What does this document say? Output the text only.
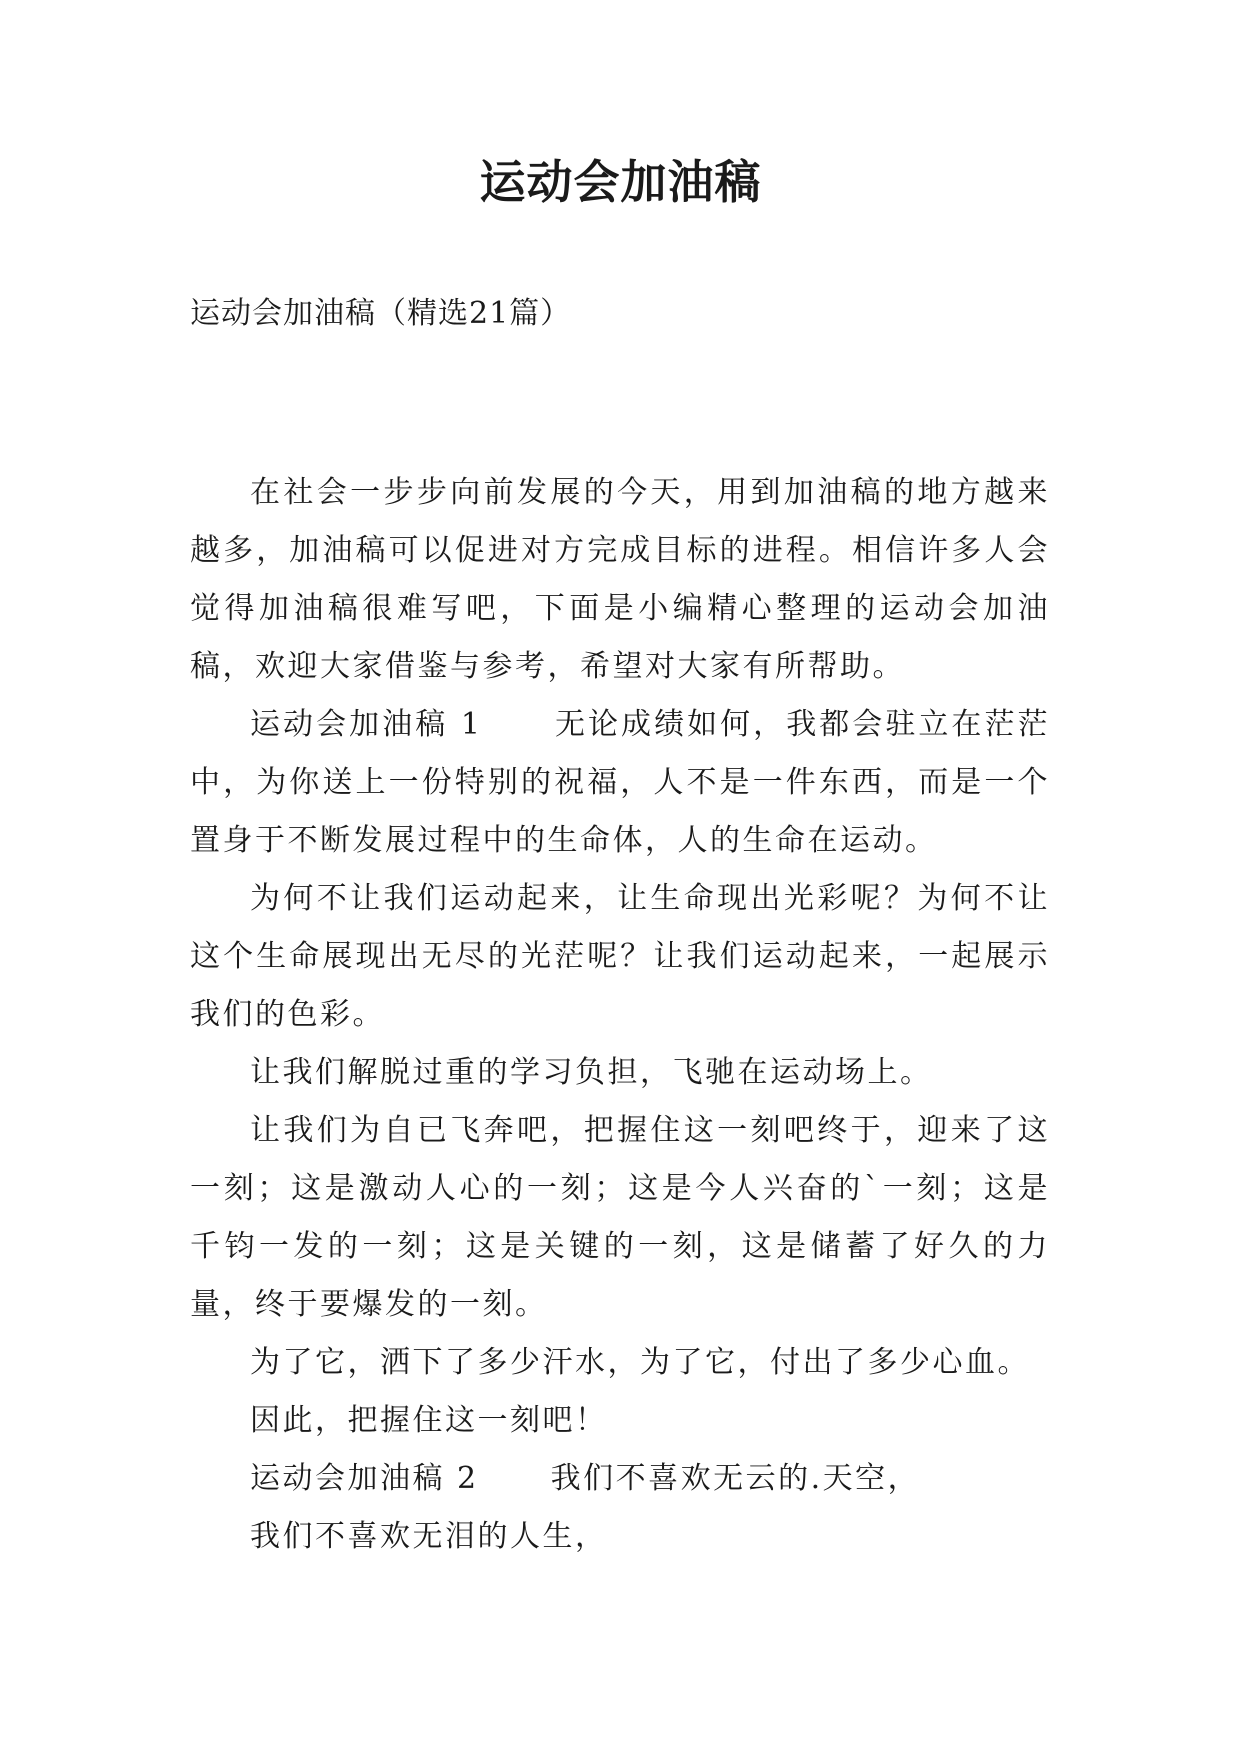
运动会加油稿
运动会加油稿（精选21篇）

在社会一步步向前发展的今天，用到加油稿的地方越来越多，加油稿可以促进对方完成目标的进程。相信许多人会觉得加油稿很难写吧，下面是小编精心整理的运动会加油稿，欢迎大家借鉴与参考，希望对大家有所帮助。

运动会加油稿 1 无论成绩如何，我都会驻立在茫茫中，为你送上一份特别的祝福，人不是一件东西，而是一个置身于不断发展过程中的生命体，人的生命在运动。

为何不让我们运动起来，让生命现出光彩呢？为何不让这个生命展现出无尽的光茫呢？让我们运动起来，一起展示我们的色彩。

让我们解脱过重的学习负担，飞驰在运动场上。

让我们为自已飞奔吧，把握住这一刻吧终于，迎来了这一刻；这是激动人心的一刻；这是今人兴奋的`一刻；这是千钧一发的一刻；这是关键的一刻，这是储蓄了好久的力量，终于要爆发的一刻。

为了它，洒下了多少汗水，为了它，付出了多少心血。

因此，把握住这一刻吧！

运动会加油稿 2 我们不喜欢无云的.天空，

我们不喜欢无泪的人生，
